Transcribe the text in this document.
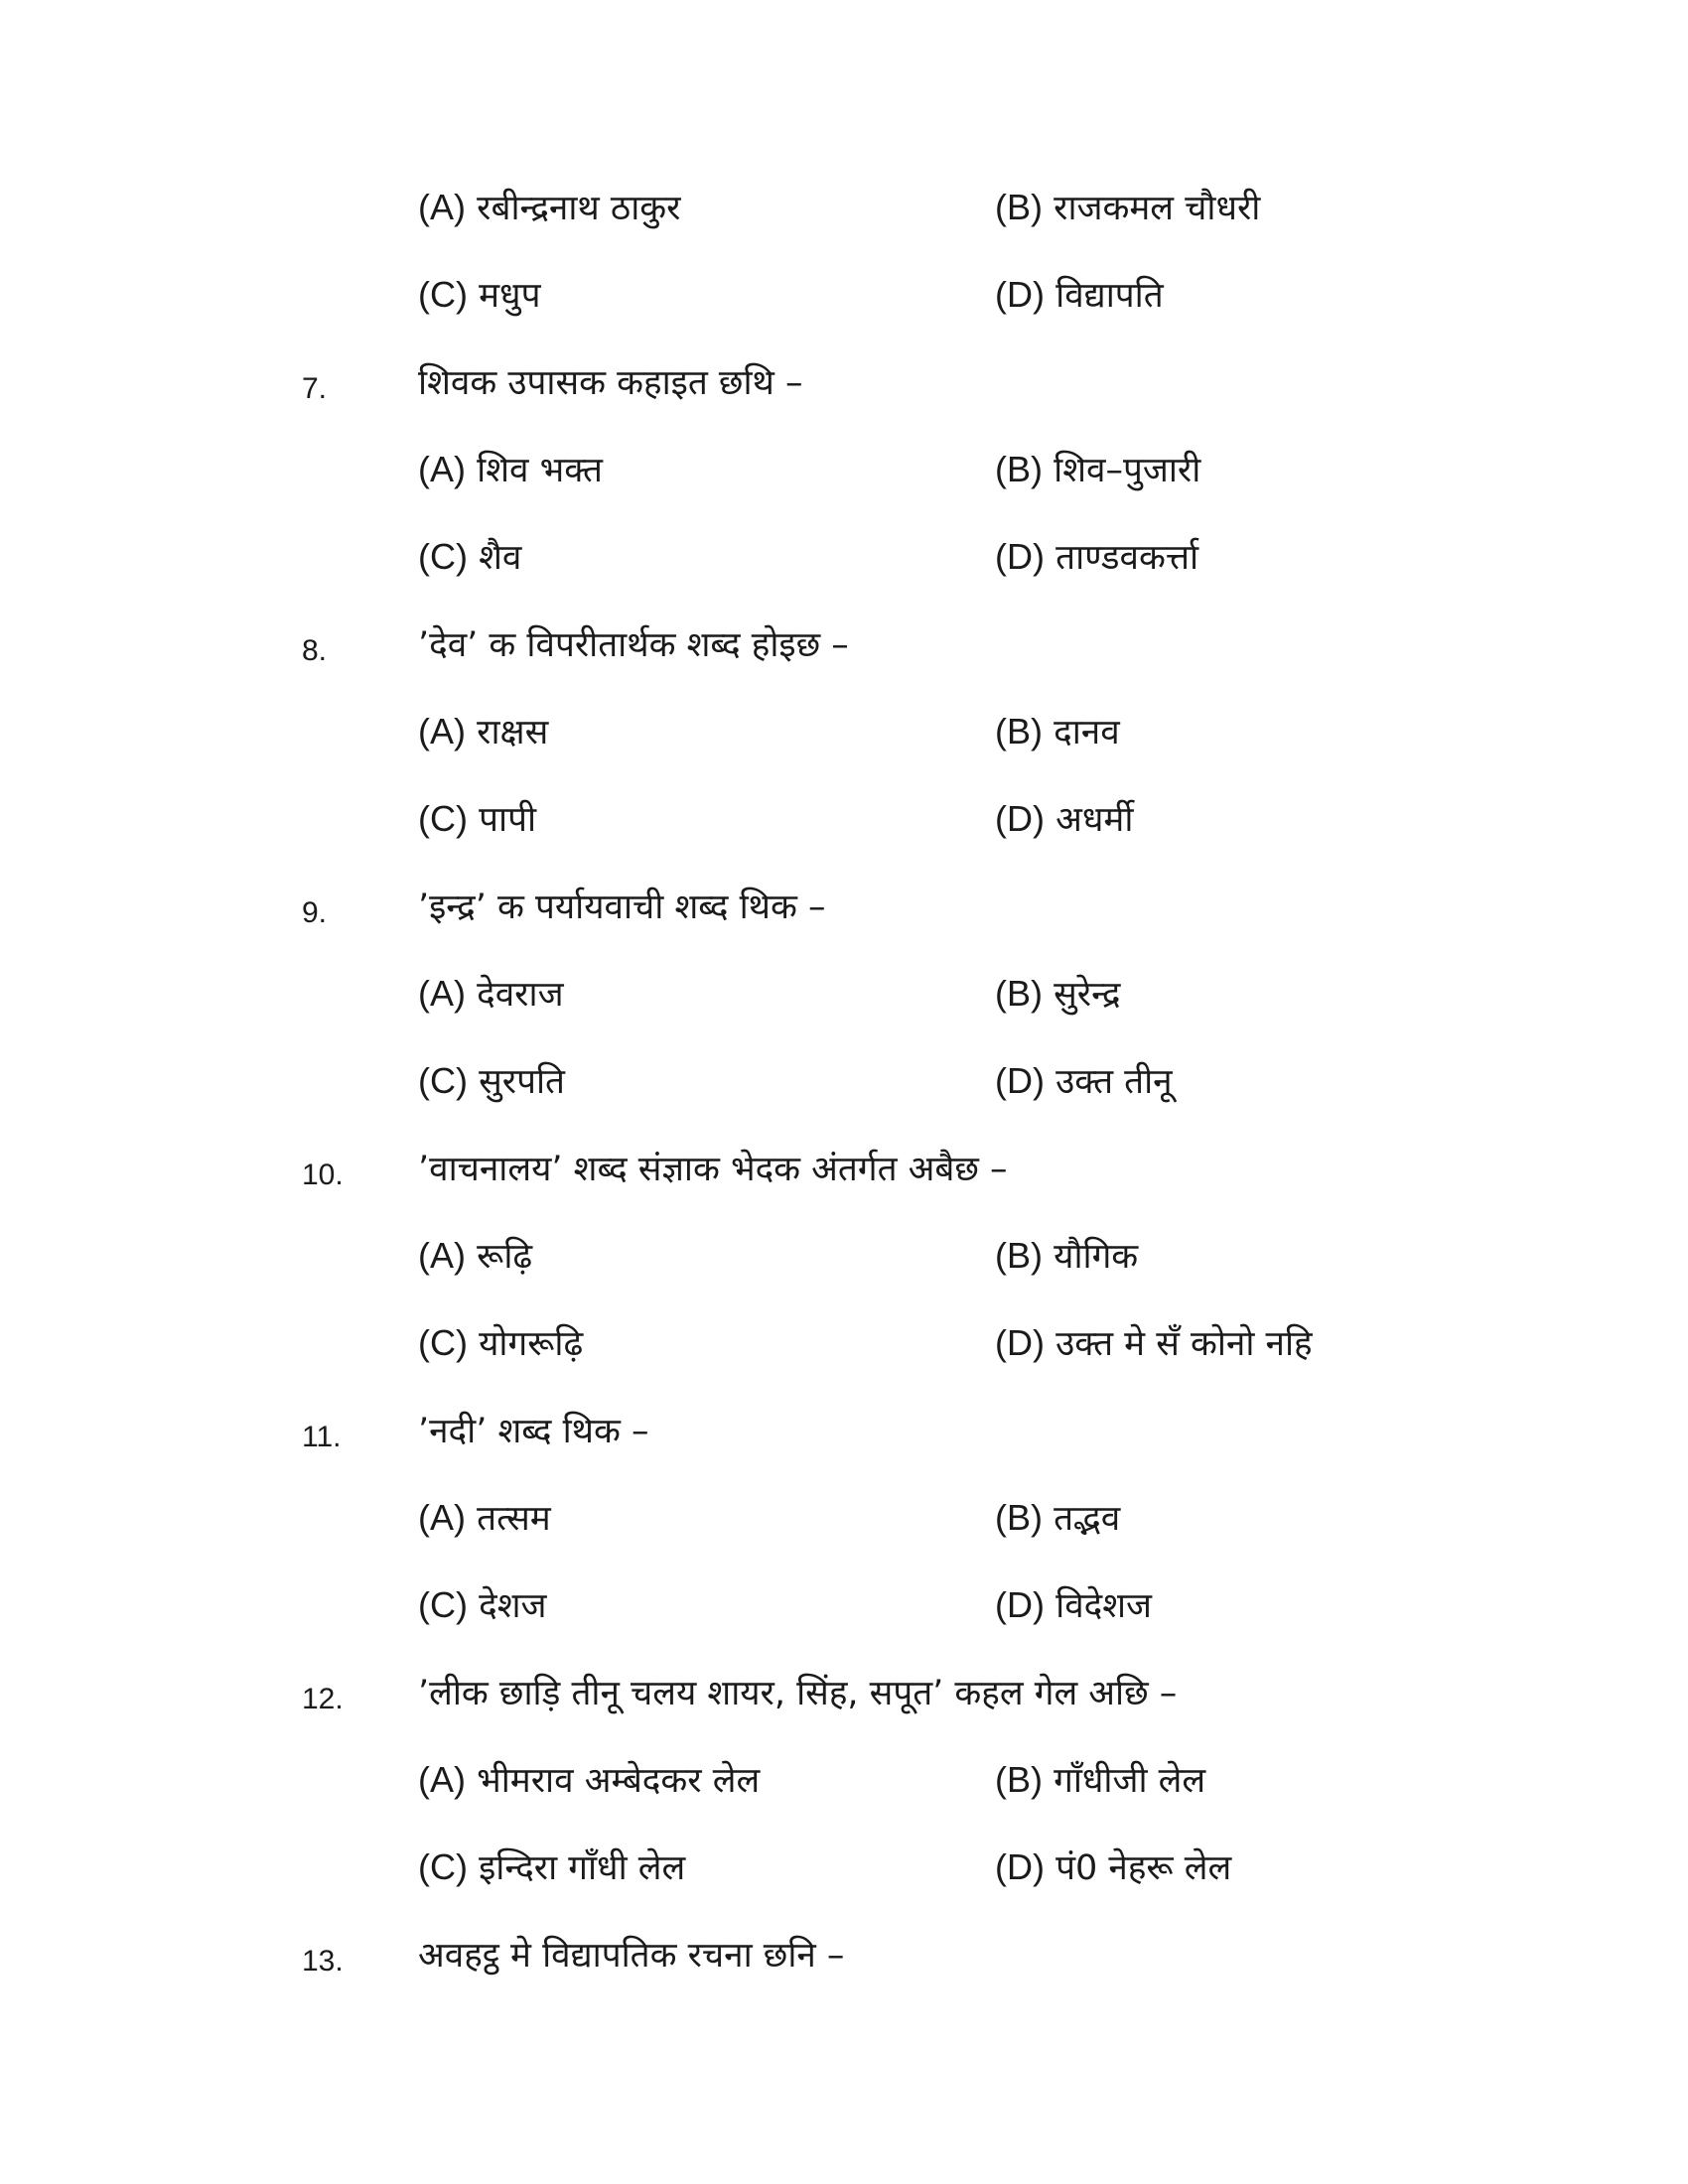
(A) रबीन्द्रनाथ ठाकुर	(B) राजकमल चौधरी
(C) मधुप	(D) विद्यापति
7.	शिवक उपासक कहाइत छथि –
(A) शिव भक्त	(B) शिव–पुजारी
(C) शैव	(D) ताण्डवकर्त्ता
8.	’देव’ क विपरीतार्थक शब्द होइछ –
(A) राक्षस	(B) दानव
(C) पापी	(D) अधर्मी
9.	’इन्द्र’ क पर्यायवाची शब्द थिक –
(A) देवराज	(B) सुरेन्द्र
(C) सुरपति	(D) उक्त तीनू
10. ’वाचनालय’ शब्द संज्ञाक भेदक अंतर्गत अबैछ –
(A) रूढ़ि	(B) यौगिक
(C) योगरूढ़ि	(D) उक्त मे सँ कोनो नहि
11. ’नदी’ शब्द थिक –
(A) तत्सम	(B) तद्भव
(C) देशज	(D) विदेशज
12. ’लीक छाड़ि तीनू चलय शायर, सिंह, सपूत’ कहल गेल अछि –
(A) भीमराव अम्बेदकर लेल	(B) गाँधीजी लेल
(C) इन्दिरा गाँधी लेल	(D) पं0 नेहरू लेल
13. अवहट्ठ मे विद्यापतिक रचना छनि –
